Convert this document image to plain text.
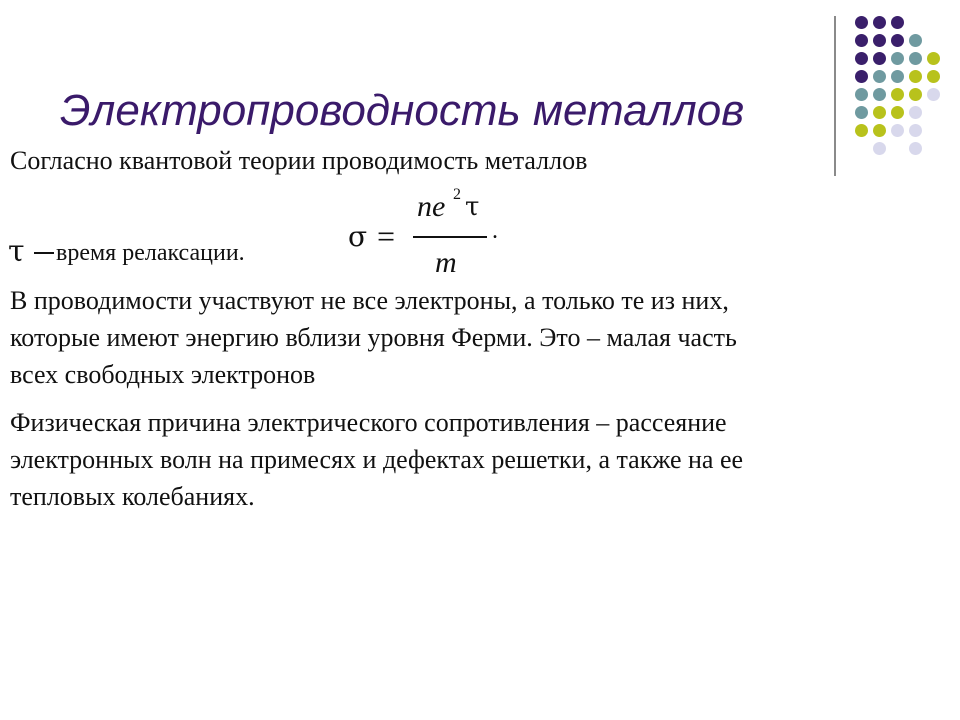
Электропроводность металлов

Согласно квантовой теории проводимость металлов

τ время релаксации.	σ =
ne 2 τ
m
.
В проводимости участвуют не все электроны, а только те из них,
которые имеют энергию вблизи уровня Ферми. Это – малая часть
всех свободных электронов
Физическая причина электрического сопротивления – рассеяние
электронных волн на примесях и дефектах решетки, а также на ее
тепловых колебаниях.
